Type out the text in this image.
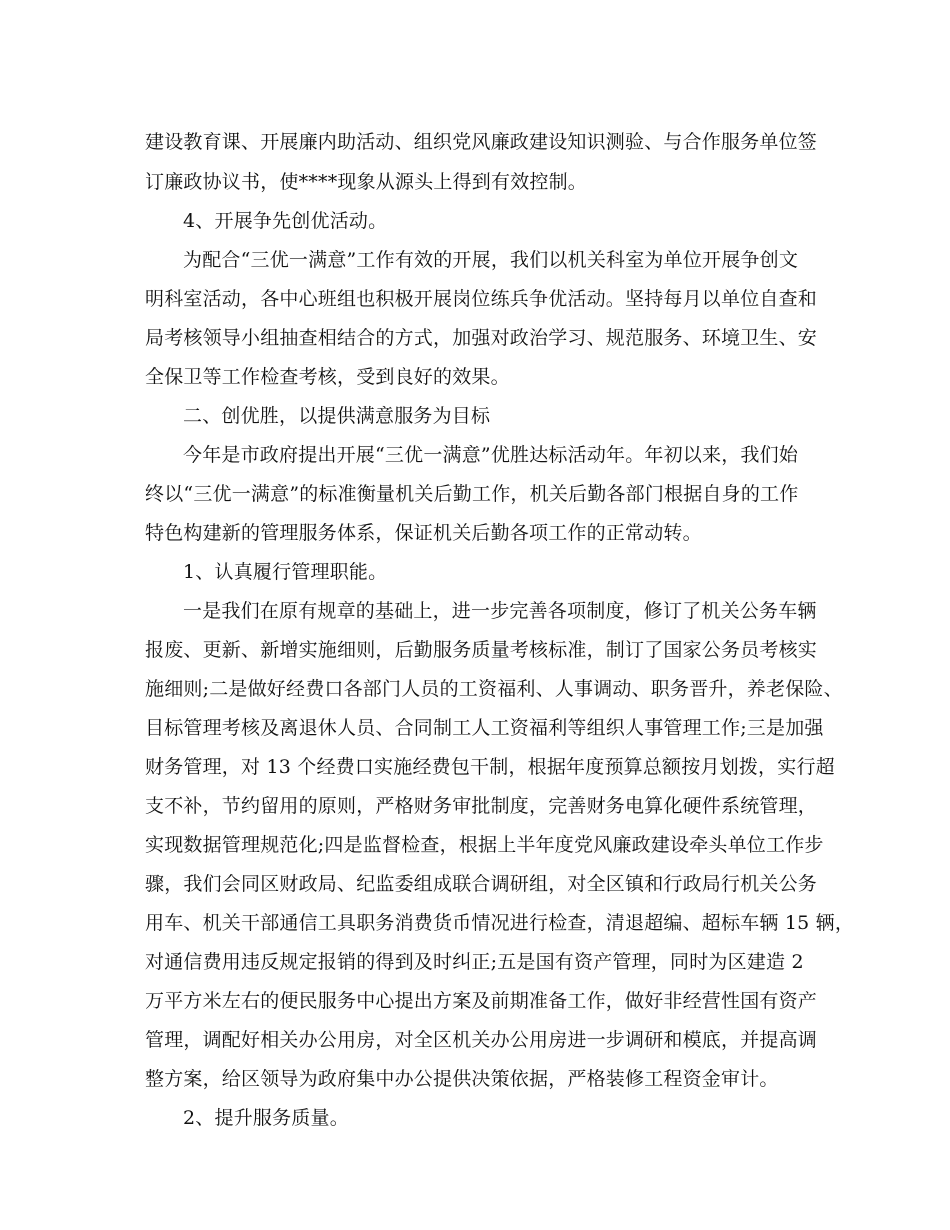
建设教育课、开展廉内助活动、组织党风廉政建设知识测验、与合作服务单位签
订廉政协议书，使****现象从源头上得到有效控制。
4、开展争先创优活动。
为配合“三优一满意”工作有效的开展，我们以机关科室为单位开展争创文
明科室活动，各中心班组也积极开展岗位练兵争优活动。坚持每月以单位自查和
局考核领导小组抽查相结合的方式，加强对政治学习、规范服务、环境卫生、安
全保卫等工作检查考核，受到良好的效果。
二、创优胜，以提供满意服务为目标
今年是市政府提出开展“三优一满意”优胜达标活动年。年初以来，我们始
终以“三优一满意”的标准衡量机关后勤工作，机关后勤各部门根据自身的工作
特色构建新的管理服务体系，保证机关后勤各项工作的正常动转。
1、认真履行管理职能。
一是我们在原有规章的基础上，进一步完善各项制度，修订了机关公务车辆
报废、更新、新增实施细则，后勤服务质量考核标准，制订了国家公务员考核实
施细则;二是做好经费口各部门人员的工资福利、人事调动、职务晋升，养老保险、
目标管理考核及离退休人员、合同制工人工资福利等组织人事管理工作;三是加强
财务管理，对 13 个经费口实施经费包干制，根据年度预算总额按月划拨，实行超
支不补，节约留用的原则，严格财务审批制度，完善财务电算化硬件系统管理，
实现数据管理规范化;四是监督检查，根据上半年度党风廉政建设牵头单位工作步
骤，我们会同区财政局、纪监委组成联合调研组，对全区镇和行政局行机关公务
用车、机关干部通信工具职务消费货币情况进行检查，清退超编、超标车辆 15 辆，
对通信费用违反规定报销的得到及时纠正;五是国有资产管理，同时为区建造 2
万平方米左右的便民服务中心提出方案及前期准备工作，做好非经营性国有资产
管理，调配好相关办公用房，对全区机关办公用房进一步调研和模底，并提高调
整方案，给区领导为政府集中办公提供决策依据，严格装修工程资金审计。
2、提升服务质量。
